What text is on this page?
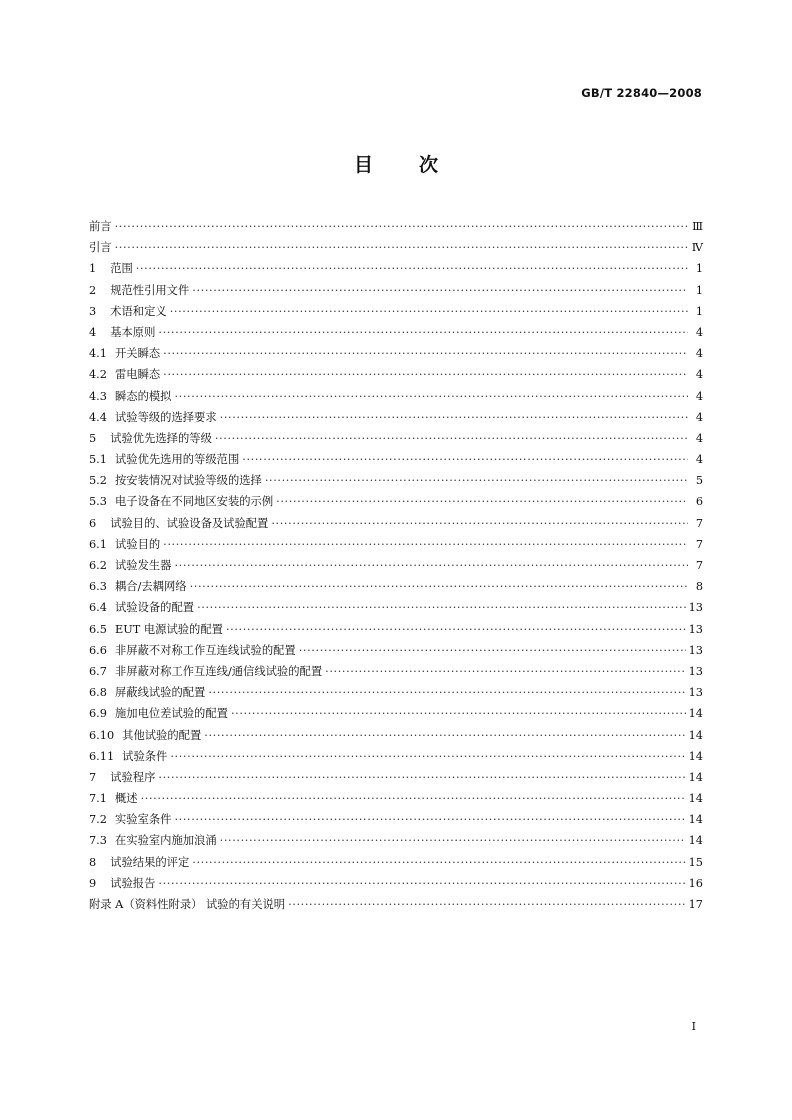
GB/T 22840—2008
目 次
前言 ·····	Ⅲ
引言 ·····	Ⅳ
1	范围 ·····	1
2	规范性引用文件 ·····	1
3	术语和定义 ·····	1
4	基本原则 ·····	4
4.1 开关瞬态 ·····	4
4.2 雷电瞬态 ·····	4
4.3 瞬态的模拟 ·····	4
4.4 试验等级的选择要求 ·····	4
5	试验优先选择的等级 ·····	4
5.1 试验优先选用的等级范围 ·····	4
5.2 按安装情况对试验等级的选择 ·····	5
5.3 电子设备在不同地区安装的示例 ·····	6
6	试验目的、试验设备及试验配置 ·····	7
6.1 试验目的 ·····	7
6.2 试验发生器 ·····	7
6.3 耦合/去耦网络 ·····	8
6.4 试验设备的配置 ·····	13
6.5 EUT 电源试验的配置 ·····	13
6.6 非屏蔽不对称工作互连线试验的配置 ·····	13
6.7 非屏蔽对称工作互连线/通信线试验的配置 ·····	13
6.8 屏蔽线试验的配置 ·····	13
6.9 施加电位差试验的配置 ·····	14
6.10 其他试验的配置 ·····	14
6.11 试验条件 ·····	14
7	试验程序 ·····	14
7.1 概述 ·····	14
7.2 实验室条件 ·····	14
7.3 在实验室内施加浪涌 ·····	14
8	试验结果的评定 ·····	15
9	试验报告 ·····	16
附录 A（资料性附录） 试验的有关说明 ·····	17
I
